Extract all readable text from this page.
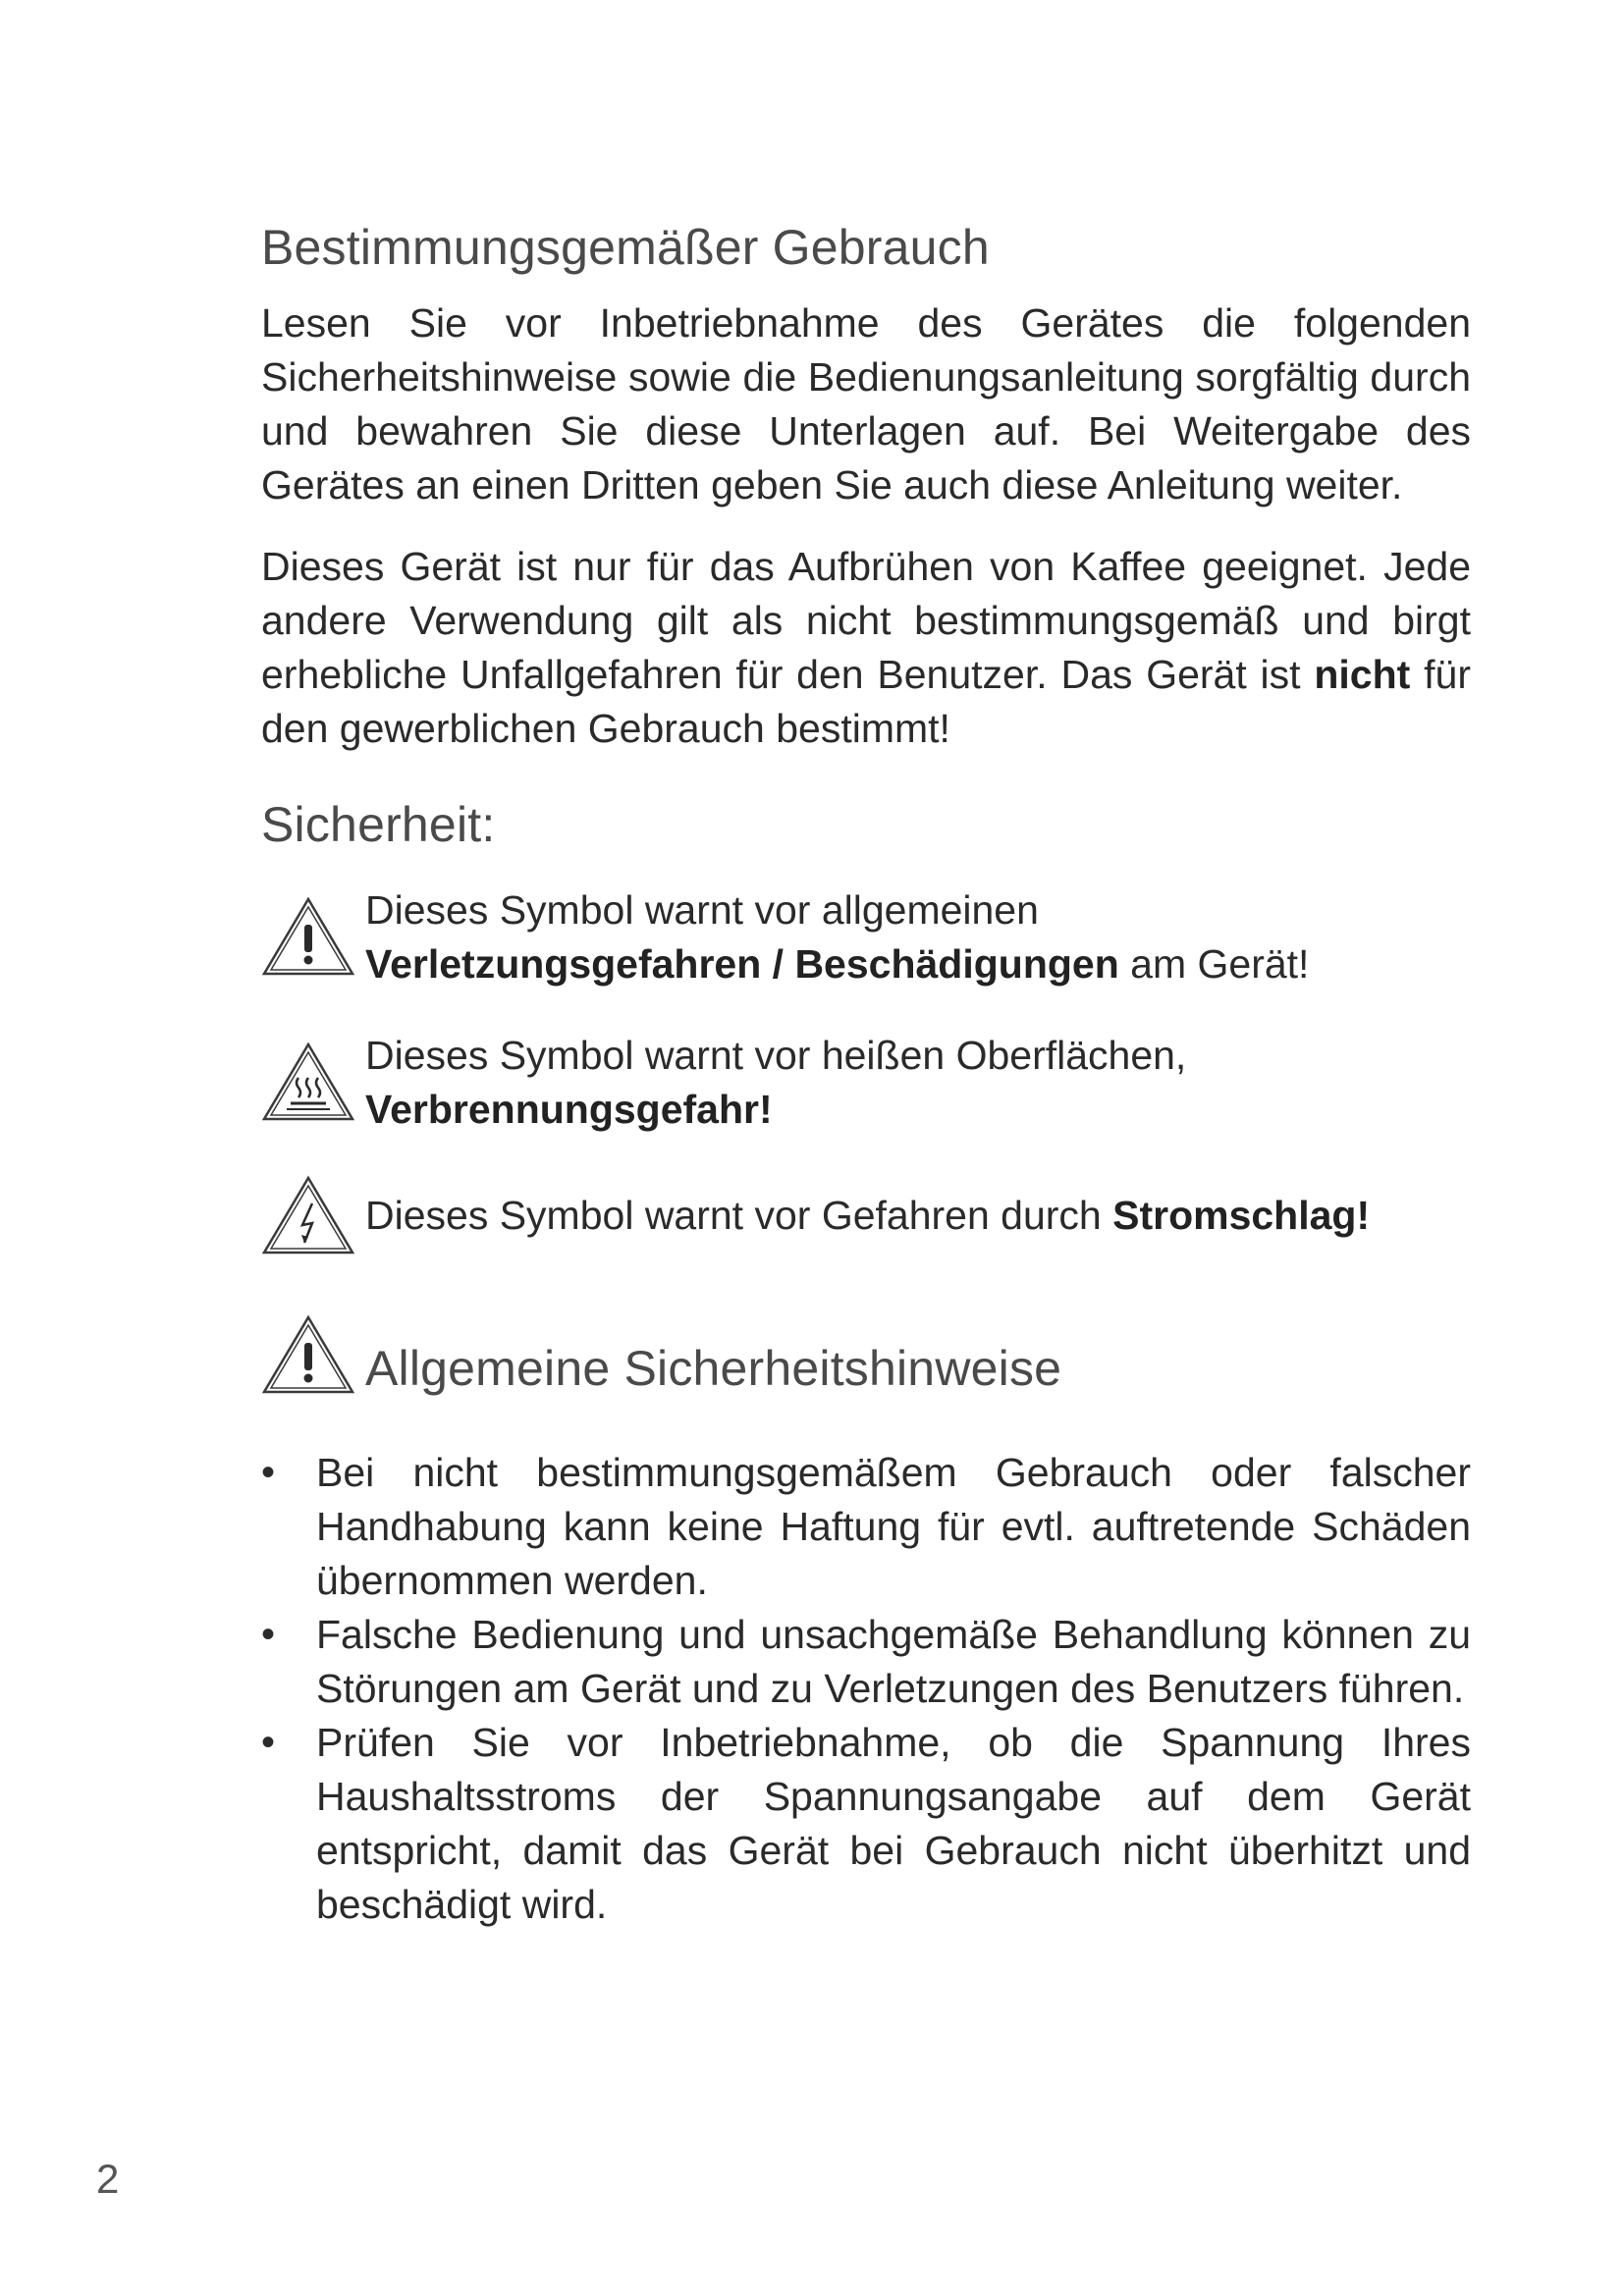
Bestimmungsgemäßer Gebrauch

Lesen Sie vor Inbetriebnahme des Gerätes die folgenden Sicherheitshinweise sowie die Bedienungsanleitung sorgfältig durch und bewahren Sie diese Unterlagen auf. Bei Weitergabe des Gerätes an einen Dritten geben Sie auch diese Anleitung weiter.

Dieses Gerät ist nur für das Aufbrühen von Kaffee geeignet. Jede andere Verwendung gilt als nicht bestimmungsgemäß und birgt erhebliche Unfallgefahren für den Benutzer. Das Gerät ist nicht für den gewerblichen Gebrauch bestimmt!

Sicherheit:

Dieses Symbol warnt vor allgemeinen
Verletzungsgefahren / Beschädigungen am Gerät!

Dieses Symbol warnt vor heißen Oberflächen,
Verbrennungsgefahr!

Dieses Symbol warnt vor Gefahren durch Stromschlag!

Allgemeine Sicherheitshinweise
• Bei nicht bestimmungsgemäßem Gebrauch oder falscher Handhabung kann keine Haftung für evtl. auftretende Schäden übernommen werden.
• Falsche Bedienung und unsachgemäße Behandlung können zu Störungen am Gerät und zu Verletzungen des Benutzers führen.
• Prüfen Sie vor Inbetriebnahme, ob die Spannung Ihres Haushaltsstroms der Spannungsangabe auf dem Gerät entspricht, damit das Gerät bei Gebrauch nicht überhitzt und beschädigt wird.
2
